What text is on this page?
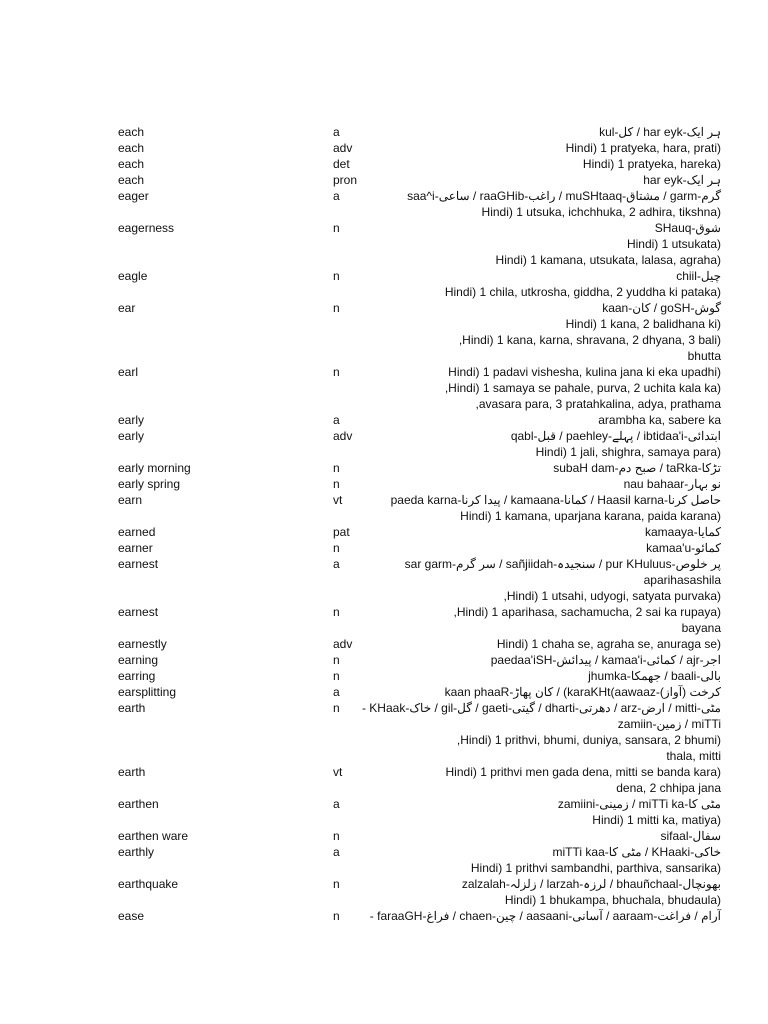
each	a	kul-کل / har eyk-ہر ایک
each	adv	Hindi) 1 pratyeka, hara, prati)
each	det	Hindi) 1 pratyeka, hareka)
each	pron	har eyk-ہر ایک
eager	a	saa^i-ساعی / raaGHib-راغب / muSHtaaq-مشتاق / garm-گرم
Hindi) 1 utsuka, ichchhuka, 2 adhira, tikshna)
eagerness	n	SHauq-شوق
Hindi) 1 utsukata)
Hindi) 1 kamana, utsukata, lalasa, agraha)
eagle	n	chiil-چیل
Hindi) 1 chila, utkrosha, giddha, 2 yuddha ki pataka)
ear	n	kaan-کان / goSH-گوش
Hindi) 1 kana, 2 balidhana ki)
,Hindi) 1 kana, karna, shravana, 2 dhyana, 3 bali)
bhutta
earl	n	Hindi) 1 padavi vishesha, kulina jana ki eka upadhi)
,Hindi) 1 samaya se pahale, purva, 2 uchita kala ka)
,avasara para, 3 pratahkalina, adya, prathama
early	a	arambha ka, sabere ka
early	adv	qabl-قبل / paehley-پہلے / ibtidaa'i-ابتدائی
Hindi) 1 jali, shighra, samaya para)
early morning	n	subaH dam-صبح دم / taRka-تڑکا
early spring	n	nau bahaar-نو بہار
earn	vt	paeda karna-پیدا کرنا / kamaana-کمانا / Haasil karna-حاصل کرنا
Hindi) 1 kamana, uparjana karana, paida karana)
earned	pat	kamaaya-کمایا
earner	n	kamaa'u-کمائو
earnest	a	sar garm-سر گرم / sañjiidah-سنجیدہ / pur KHuluus-پر خلوص
aparihasashila
,Hindi) 1 utsahi, udyogi, satyata purvaka)
earnest	n	,Hindi) 1 aparihasa, sachamucha, 2 sai ka rupaya)
bayana
earnestly	adv	Hindi) 1 chaha se, agraha se, anuraga se)
earning	n	paedaa'iSH-پیدائش / kamaa'i-کمائی / ajr-اجر
earring	n	jhumka-جھمکا / baali-بالی
earsplitting	a	kaan phaaR-کان پھاڑ / (karaKHt(aawaaz-کرخت (آواز)
earth	n - KHaak-خاک / gil-گل / gaeti-گیتی / dharti-دھرتی / arz-ارض / mitti-مٹی
zamiin-زمین / miTTi
,Hindi) 1 prithvi, bhumi, duniya, sansara, 2 bhumi)
thala, mitti
earth	vt	Hindi) 1 prithvi men gada dena, mitti se banda kara)
dena, 2 chhipa jana
earthen	a	zamiini-زمینی / miTTi ka-مٹی کا
Hindi) 1 mitti ka, matiya)
earthen ware	n	sifaal-سفال
earthly	a	miTTi kaa-مٹی کا / KHaaki-خاکی
Hindi) 1 prithvi sambandhi, parthiva, sansarika)
earthquake	n	zalzalah-زلزلہ / larzah-لرزہ / bhauñchaal-بھونچال
Hindi) 1 bhukampa, bhuchala, bhudaula)
ease	n	- faraaGH-فراغ / chaen-چین / aasaani-آسانی / aaraam-آرام / فراغت
